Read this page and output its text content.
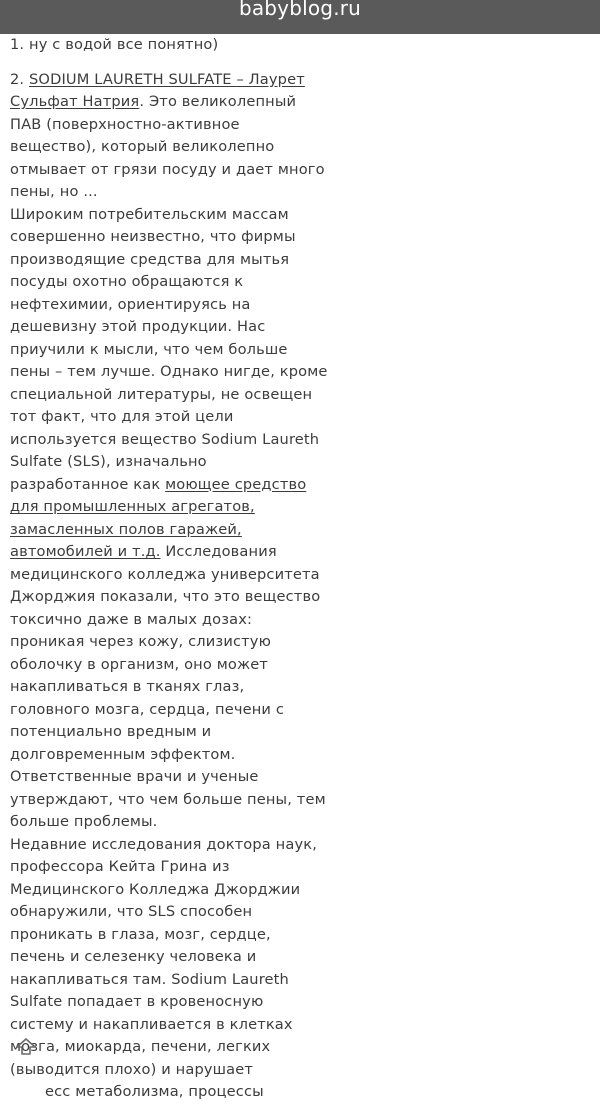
babyblog.ru

1. ну с водой все понятно)

2. SODIUM LAURETH SULFATE – Лаурет Сульфат Натрия. Это великолепный ПАВ (поверхностно-активное вещество), который великолепно отмывает от грязи посуду и дает много пены, но ...

Широким потребительским массам совершенно неизвестно, что фирмы производящие средства для мытья посуды охотно обращаются к нефтехимии, ориентируясь на дешевизну этой продукции. Нас приучили к мысли, что чем больше пены – тем лучше. Однако нигде, кроме специальной литературы, не освещен тот факт, что для этой цели используется вещество Sodium Laureth Sulfate (SLS), изначально разработанное как моющее средство для промышленных агрегатов, замасленных полов гаражей, автомобилей и т.д. Исследования медицинского колледжа университета Джорджия показали, что это вещество токсично даже в малых дозах: проникая через кожу, слизистую оболочку в организм, оно может накапливаться в тканях глаз, головного мозга, сердца, печени с потенциально вредным и долговременным эффектом. Ответственные врачи и ученые утверждают, что чем больше пены, тем больше проблемы.

Недавние исследования доктора наук, профессора Кейта Грина из Медицинского Колледжа Джорджии обнаружили, что SLS способен проникать в глаза, мозг, сердце, печень и селезенку человека и накапливаться там. Sodium Laureth Sulfate попадает в кровеносную систему и накапливается в клетках мозга, миокарда, печени, легких (выводится плохо) и нарушает

есс метаболизма, процессы
